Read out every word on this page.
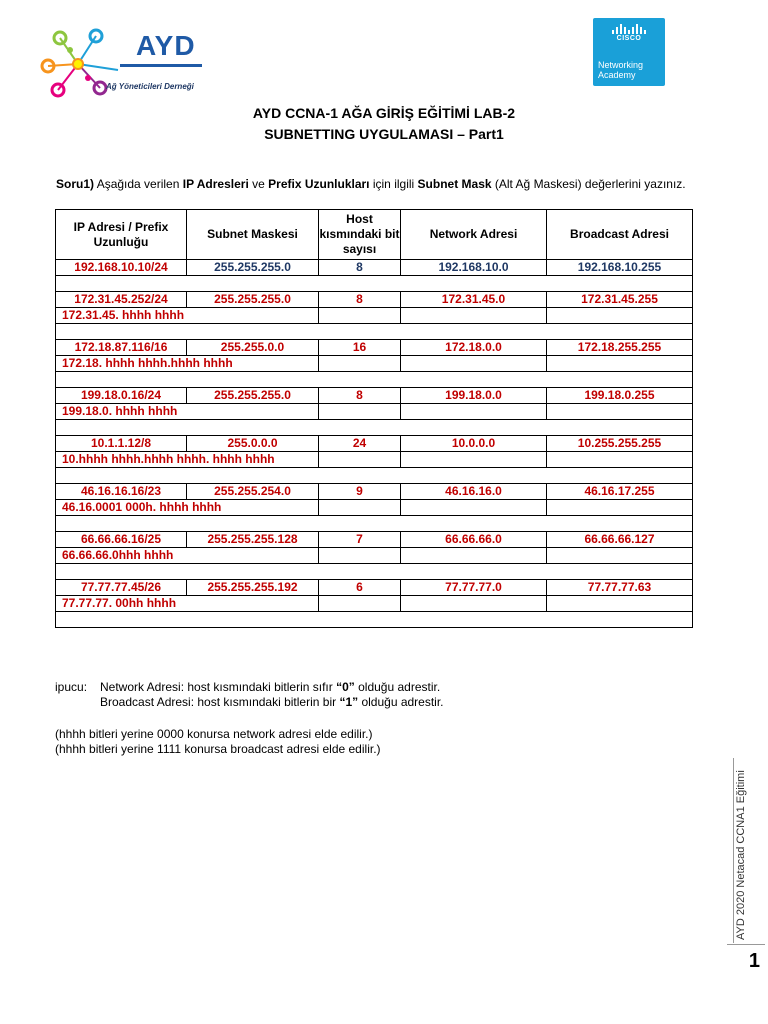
AYD
Ağ Yöneticileri Derneği
CISCO
Networking
Academy
AYD CCNA-1 AĞA GİRİŞ EĞİTİMİ LAB-2
SUBNETTING UYGULAMASI – Part1
Soru1) Aşağıda verilen IP Adresleri ve Prefix Uzunlukları için ilgili Subnet Mask (Alt Ağ Maskesi) değerlerini yazınız.
IP Adresi / Prefix Uzunluğu	Subnet Maskesi	Host kısmındaki bit sayısı	Network Adresi	Broadcast Adresi
192.168.10.10/24	255.255.255.0	8	192.168.10.0	192.168.10.255

172.31.45.252/24	255.255.255.0	8	172.31.45.0	172.31.45.255
172.31.45. hhhh hhhh				

172.18.87.116/16	255.255.0.0	16	172.18.0.0	172.18.255.255
172.18. hhhh hhhh.hhhh hhhh				

199.18.0.16/24	255.255.255.0	8	199.18.0.0	199.18.0.255
199.18.0. hhhh hhhh				

10.1.1.12/8	255.0.0.0	24	10.0.0.0	10.255.255.255
10.hhhh hhhh.hhhh hhhh. hhhh hhhh				

46.16.16.16/23	255.255.254.0	9	46.16.16.0	46.16.17.255
46.16.0001 000h. hhhh hhhh				

66.66.66.16/25	255.255.255.128	7	66.66.66.0	66.66.66.127
66.66.66.0hhh hhhh				

77.77.77.45/26	255.255.255.192	6	77.77.77.0	77.77.77.63
77.77.77. 00hh hhhh				

ipucu: Network Adresi: host kısmındaki bitlerin sıfır “0” olduğu adrestir.
Broadcast Adresi: host kısmındaki bitlerin bir “1” olduğu adrestir.
(hhhh bitleri yerine 0000 konursa network adresi elde edilir.)
(hhhh bitleri yerine 1111 konursa broadcast adresi elde edilir.)
AYD 2020 Netacad CCNA1 Eğitimi
1
